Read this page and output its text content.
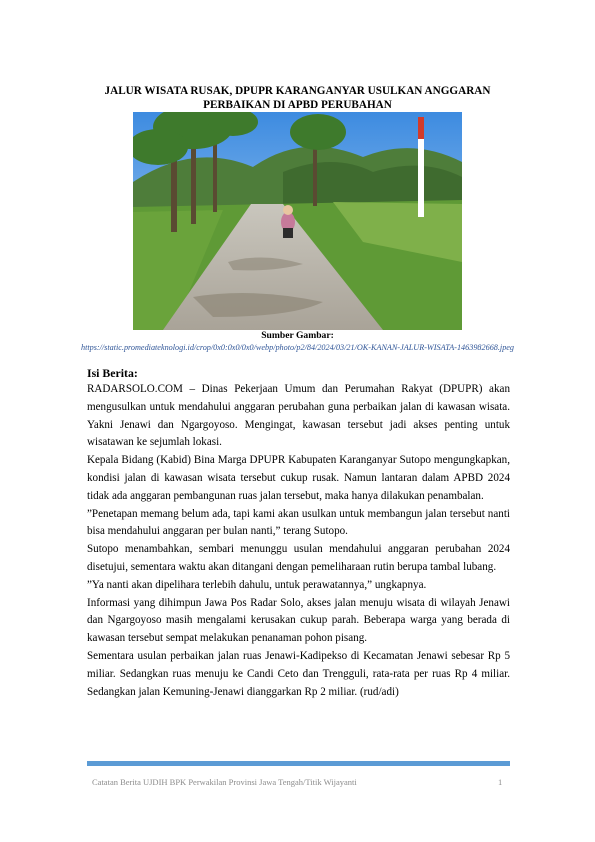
JALUR WISATA RUSAK, DPUPR KARANGANYAR USULKAN ANGGARAN PERBAIKAN DI APBD PERUBAHAN
Sumber Gambar:
https://static.promediateknologi.id/crop/0x0:0x0/0x0/webp/photo/p2/84/2024/03/21/OK-KANAN-JALUR-WISATA-1463982668.jpeg
Isi Berita:

RADARSOLO.COM – Dinas Pekerjaan Umum dan Perumahan Rakyat (DPUPR) akan mengusulkan untuk mendahului anggaran perubahan guna perbaikan jalan di kawasan wisata. Yakni Jenawi dan Ngargoyoso. Mengingat, kawasan tersebut jadi akses penting untuk wisatawan ke sejumlah lokasi.

Kepala Bidang (Kabid) Bina Marga DPUPR Kabupaten Karanganyar Sutopo mengungkapkan, kondisi jalan di kawasan wisata tersebut cukup rusak. Namun lantaran dalam APBD 2024 tidak ada anggaran pembangunan ruas jalan tersebut, maka hanya dilakukan penambalan.

”Penetapan memang belum ada, tapi kami akan usulkan untuk membangun jalan tersebut nanti bisa mendahului anggaran per bulan nanti,” terang Sutopo.

Sutopo menambahkan, sembari menunggu usulan mendahului anggaran perubahan 2024 disetujui, sementara waktu akan ditangani dengan pemeliharaan rutin berupa tambal lubang.

”Ya nanti akan dipelihara terlebih dahulu, untuk perawatannya,” ungkapnya.

Informasi yang dihimpun Jawa Pos Radar Solo, akses jalan menuju wisata di wilayah Jenawi dan Ngargoyoso masih mengalami kerusakan cukup parah. Beberapa warga yang berada di kawasan tersebut sempat melakukan penanaman pohon pisang.

Sementara usulan perbaikan jalan ruas Jenawi-Kadipekso di Kecamatan Jenawi sebesar Rp 5 miliar. Sedangkan ruas menuju ke Candi Ceto dan Trengguli, rata-rata per ruas Rp 4 miliar. Sedangkan jalan Kemuning-Jenawi dianggarkan Rp 2 miliar. (rud/adi)

Catatan Berita UJDIH BPK Perwakilan Provinsi Jawa Tengah/Titik Wijayanti	1
